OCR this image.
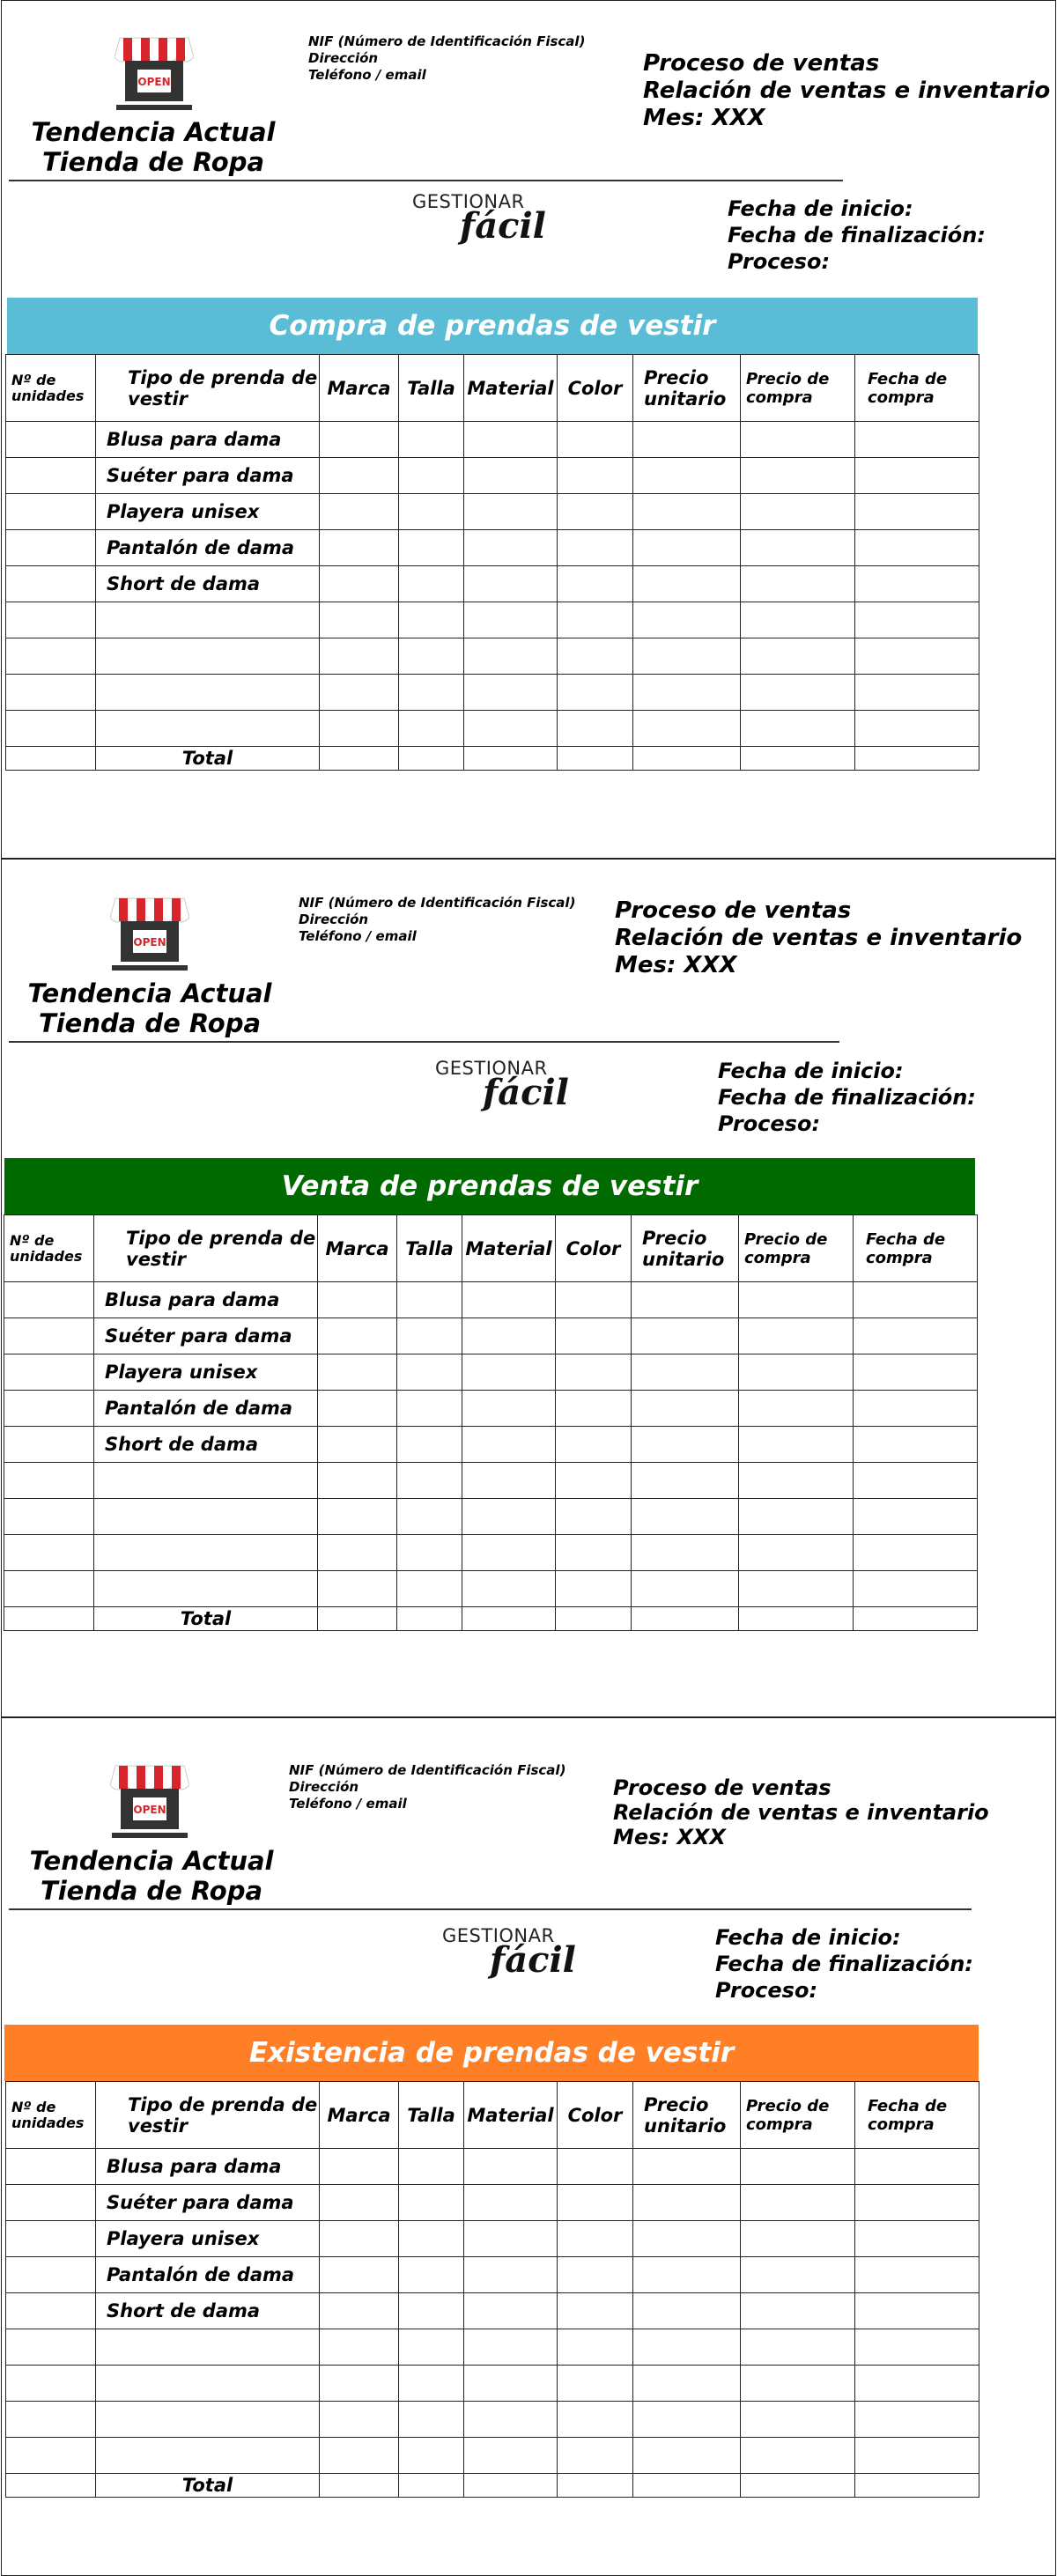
OPEN
Tendencia Actual
Tienda de Ropa
NIF (Número de Identificación Fiscal)
Dirección
Teléfono / email	Proceso de ventas
Relación de ventas e inventario
Mes: XXX
GESTIONAR
fácil	Fecha de inicio:
Fecha de finalización:
Proceso:
Compra de prendas de vestir
Nº de unidades	Tipo de prenda de vestir	Marca	Talla	Material	Color	Precio unitario	Precio de compra	Fecha de compra
	Blusa para dama							
	Suéter para dama							
	Playera unisex							
	Pantalón de dama							
	Short de dama							

	Total							
OPEN
Tendencia Actual
Tienda de Ropa
NIF (Número de Identificación Fiscal)
Dirección
Teléfono / email
Proceso de ventas
Relación de ventas e inventario
Mes: XXX
GESTIONAR
fácil
Fecha de inicio:
Fecha de finalización:
Proceso:
Venta de prendas de vestir
Nº de unidades	Tipo de prenda de vestir	Marca	Talla	Material	Color	Precio unitario	Precio de compra	Fecha de compra
	Blusa para dama							
	Suéter para dama							
	Playera unisex							
	Pantalón de dama							
	Short de dama							

	Total							
OPEN
Tendencia Actual
Tienda de Ropa
NIF (Número de Identificación Fiscal)
Dirección
Teléfono / email
Proceso de ventas
Relación de ventas e inventario
Mes: XXX
GESTIONAR
fácil
Fecha de inicio:
Fecha de finalización:
Proceso:
Existencia de prendas de vestir
Nº de unidades	Tipo de prenda de vestir	Marca	Talla	Material	Color	Precio unitario	Precio de compra	Fecha de compra
	Blusa para dama							
	Suéter para dama							
	Playera unisex							
	Pantalón de dama							
	Short de dama							

	Total							
